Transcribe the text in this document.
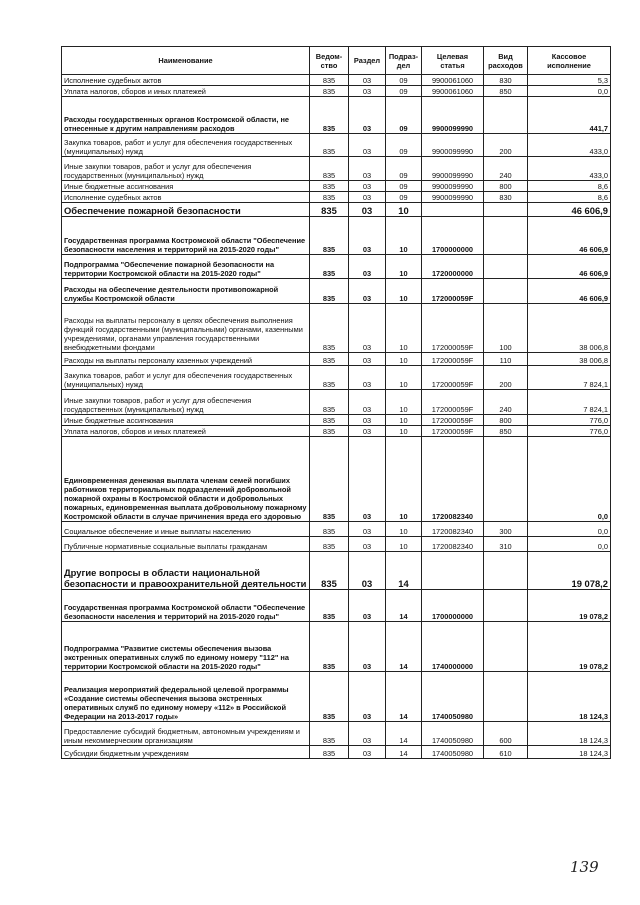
Наименование	Ведом-ство	Раздел	Подраз-дел	Целевая статья	Вид расходов	Кассовое исполнение
Исполнение судебных актов	835	03	09	9900061060	830	5,3
Уплата налогов, сборов и иных платежей	835	03	09	9900061060	850	0,0
Расходы государственных органов Костромской области, не отнесенные к другим направлениям расходов	835	03	09	9900099990		441,7
Закупка товаров, работ и услуг для обеспечения государственных (муниципальных) нужд	835	03	09	9900099990	200	433,0
Иные закупки товаров, работ и услуг для обеспечения государственных (муниципальных) нужд	835	03	09	9900099990	240	433,0
Иные бюджетные ассигнования	835	03	09	9900099990	800	8,6
Исполнение судебных актов	835	03	09	9900099990	830	8,6
Обеспечение пожарной безопасности	835	03	10			46 606,9
Государственная программа Костромской области "Обеспечение безопасности населения и территорий на 2015-2020 годы"	835	03	10	1700000000		46 606,9
Подпрограмма "Обеспечение пожарной безопасности на территории Костромской области на 2015-2020 годы"	835	03	10	1720000000		46 606,9
Расходы на обеспечение деятельности противопожарной службы Костромской области	835	03	10	172000059F		46 606,9
Расходы на выплаты персоналу в целях обеспечения выполнения функций государственными (муниципальными) органами, казенными учреждениями, органами управления государственными внебюджетными фондами	835	03	10	172000059F	100	38 006,8
Расходы на выплаты персоналу казенных учреждений	835	03	10	172000059F	110	38 006,8
Закупка товаров, работ и услуг для обеспечения государственных (муниципальных) нужд	835	03	10	172000059F	200	7 824,1
Иные закупки товаров, работ и услуг для обеспечения государственных (муниципальных) нужд	835	03	10	172000059F	240	7 824,1
Иные бюджетные ассигнования	835	03	10	172000059F	800	776,0
Уплата налогов, сборов и иных платежей	835	03	10	172000059F	850	776,0
Единовременная денежная выплата членам семей погибших работников территориальных подразделений добровольной пожарной охраны в Костромской области и добровольных пожарных, единовременная выплата добровольному пожарному Костромской области в случае причинения вреда его здоровью	835	03	10	1720082340		0,0
Социальное обеспечение и иные выплаты населению	835	03	10	1720082340	300	0,0
Публичные нормативные социальные выплаты гражданам	835	03	10	1720082340	310	0,0
Другие вопросы в области национальной безопасности и правоохранительной деятельности	835	03	14			19 078,2
Государственная программа Костромской области "Обеспечение безопасности населения и территорий на 2015-2020 годы"	835	03	14	1700000000		19 078,2
Подпрограмма "Развитие системы обеспечения вызова экстренных оперативных служб по единому номеру "112" на территории Костромской области на 2015-2020 годы"	835	03	14	1740000000		19 078,2
Реализация мероприятий федеральной целевой программы «Создание системы обеспечения вызова экстренных оперативных служб по единому номеру «112» в Российской Федерации на 2013-2017 годы»	835	03	14	1740050980		18 124,3
Предоставление субсидий бюджетным, автономным учреждениям и иным некоммерческим организациям	835	03	14	1740050980	600	18 124,3
Субсидии бюджетным учреждениям	835	03	14	1740050980	610	18 124,3
139
